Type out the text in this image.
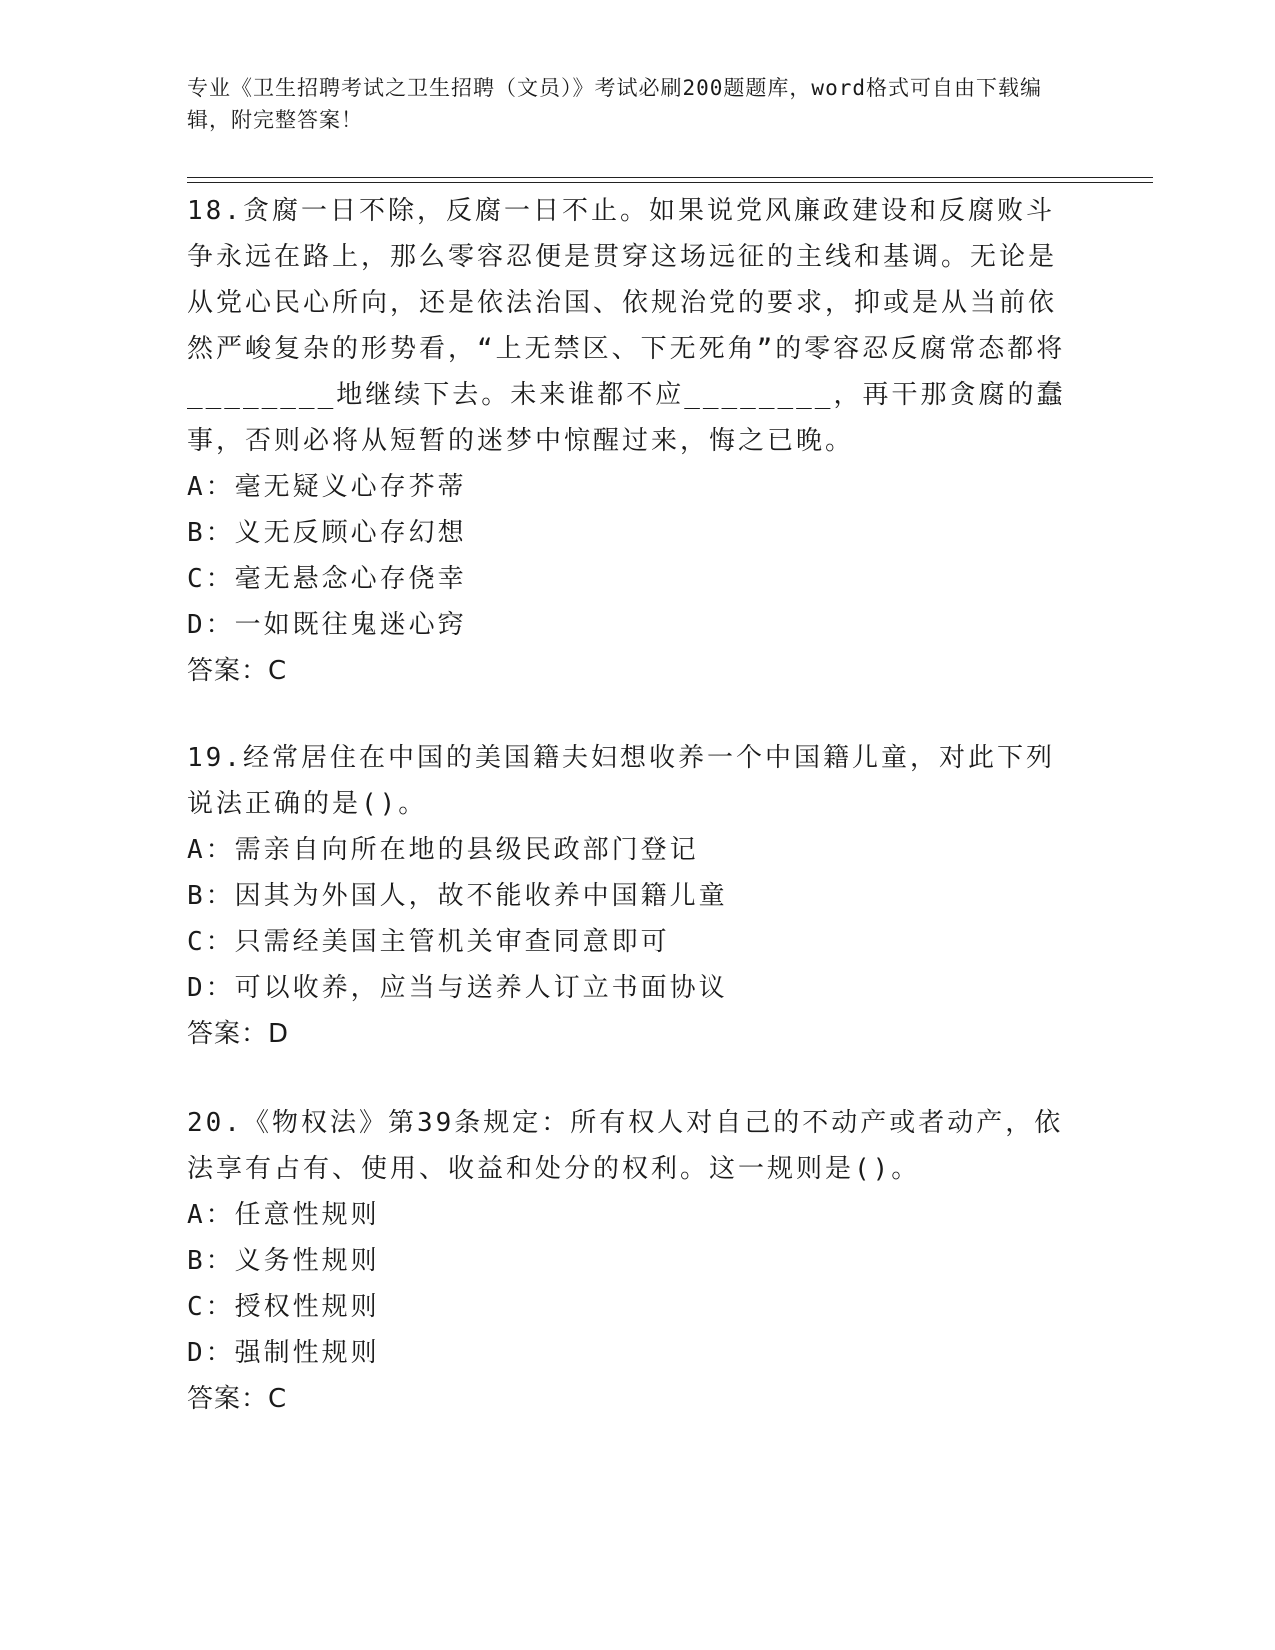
专业《卫生招聘考试之卫生招聘（文员）》考试必刷200题题库，word格式可自由下载编辑，附完整答案！

18.贪腐一日不除，反腐一日不止。如果说党风廉政建设和反腐败斗争永远在路上，那么零容忍便是贯穿这场远征的主线和基调。无论是从党心民心所向，还是依法治国、依规治党的要求，抑或是从当前依然严峻复杂的形势看，“上无禁区、下无死角”的零容忍反腐常态都将________地继续下去。未来谁都不应________，再干那贪腐的蠢事，否则必将从短暂的迷梦中惊醒过来，悔之已晚。

A：毫无疑义心存芥蒂

B：义无反顾心存幻想

C：毫无悬念心存侥幸

D：一如既往鬼迷心窍

答案：C

19.经常居住在中国的美国籍夫妇想收养一个中国籍儿童，对此下列说法正确的是()。

A：需亲自向所在地的县级民政部门登记

B：因其为外国人，故不能收养中国籍儿童

C：只需经美国主管机关审查同意即可

D：可以收养，应当与送养人订立书面协议

答案：D

20.《物权法》第39条规定：所有权人对自己的不动产或者动产，依法享有占有、使用、收益和处分的权利。这一规则是()。

A：任意性规则

B：义务性规则

C：授权性规则

D：强制性规则

答案：C
